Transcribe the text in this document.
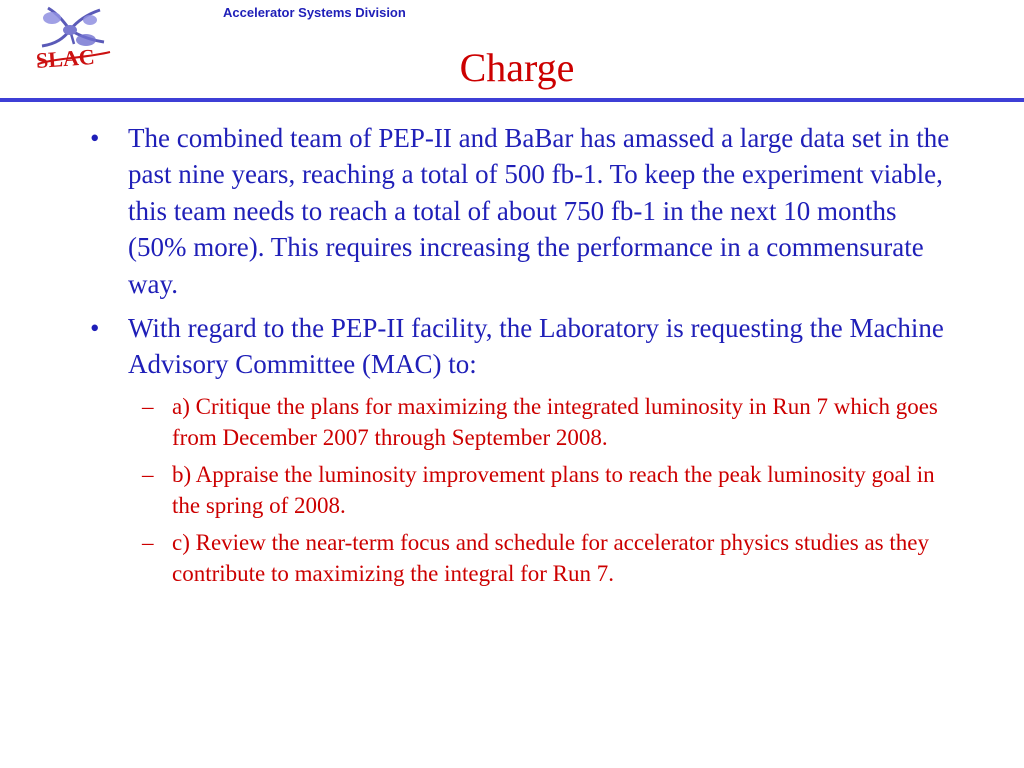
SLAC
Accelerator Systems Division
Charge
•	The combined team of PEP-II and BaBar has amassed a large data set in the past nine years, reaching a total of 500 fb-1. To keep the experiment viable, this team needs to reach a total of about 750 fb-1 in the next 10 months (50% more). This requires increasing the performance in a commensurate way.
•	With regard to the PEP-II facility, the Laboratory is requesting the Machine Advisory Committee (MAC) to:
– a) Critique the plans for maximizing the integrated luminosity in Run 7 which goes from December 2007 through September 2008.
– b) Appraise the luminosity improvement plans to reach the peak luminosity goal in the spring of 2008.
– c) Review the near-term focus and schedule for accelerator physics studies as they contribute to maximizing the integral for Run 7.
